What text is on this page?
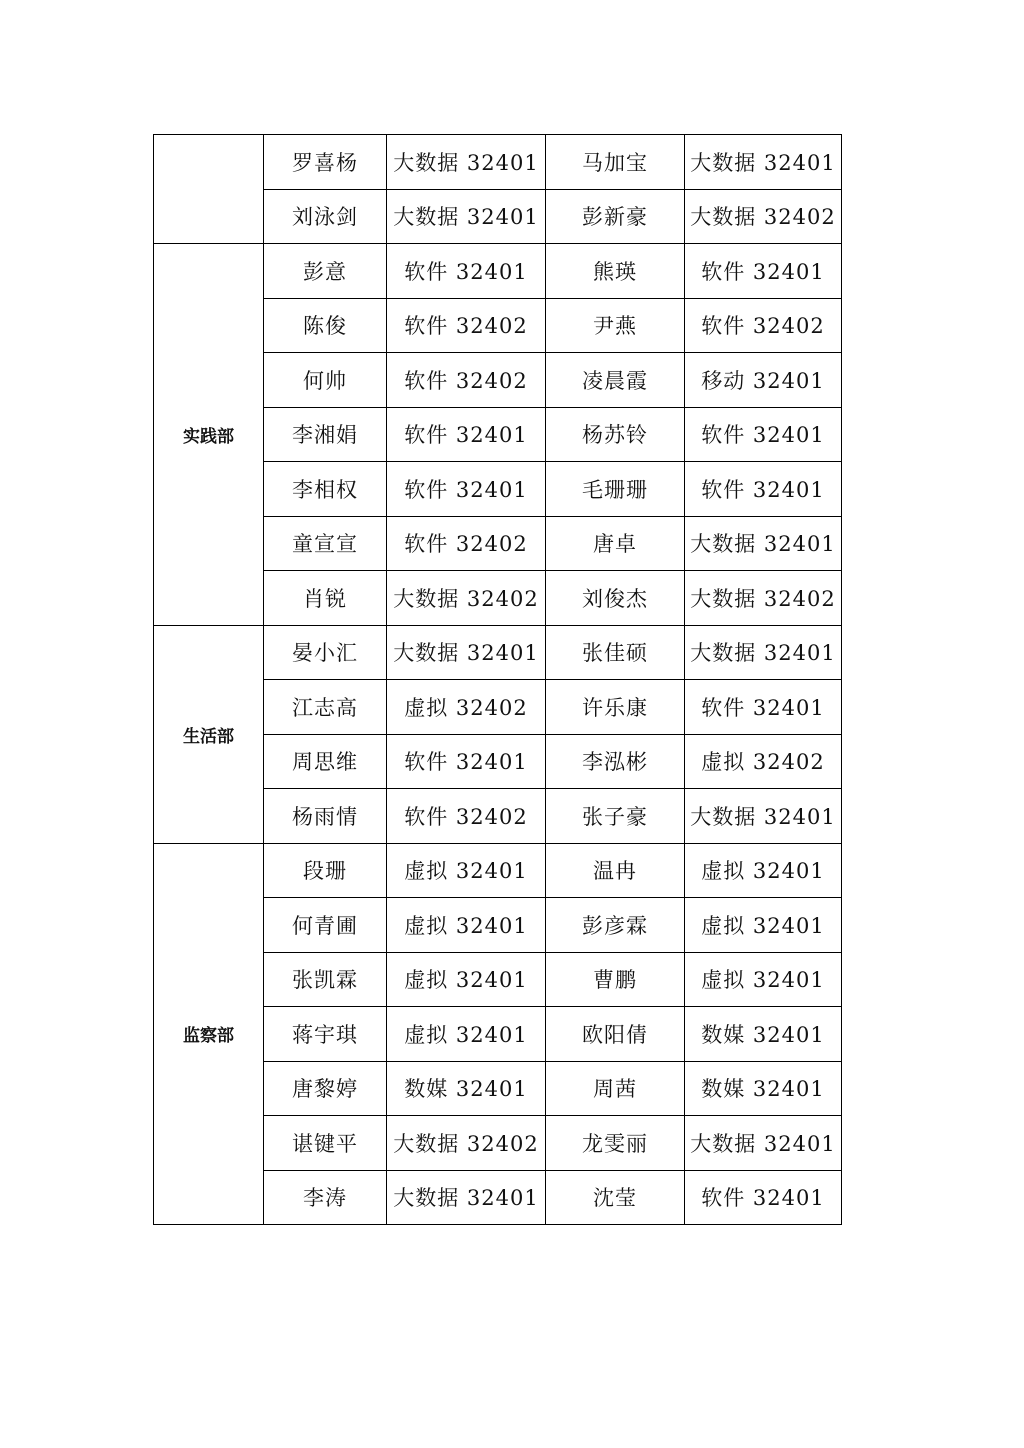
	罗喜杨	大数据 32401	马加宝	大数据 32401
	刘泳剑	大数据 32401	彭新豪	大数据 32402
实践部	彭意	软件 32401	熊瑛	软件 32401
	陈俊	软件 32402	尹燕	软件 32402
	何帅	软件 32402	凌晨霞	移动 32401
	李湘娟	软件 32401	杨苏铃	软件 32401
	李相权	软件 32401	毛珊珊	软件 32401
	童宣宣	软件 32402	唐卓	大数据 32401
	肖锐	大数据 32402	刘俊杰	大数据 32402
生活部	晏小汇	大数据 32401	张佳硕	大数据 32401
	江志高	虚拟 32402	许乐康	软件 32401
	周思维	软件 32401	李泓彬	虚拟 32402
	杨雨情	软件 32402	张子豪	大数据 32401
监察部	段珊	虚拟 32401	温冉	虚拟 32401
	何青圃	虚拟 32401	彭彦霖	虚拟 32401
	张凯霖	虚拟 32401	曹鹏	虚拟 32401
	蒋宇琪	虚拟 32401	欧阳倩	数媒 32401
	唐黎婷	数媒 32401	周茜	数媒 32401
	谌键平	大数据 32402	龙雯丽	大数据 32401
	李涛	大数据 32401	沈莹	软件 32401
